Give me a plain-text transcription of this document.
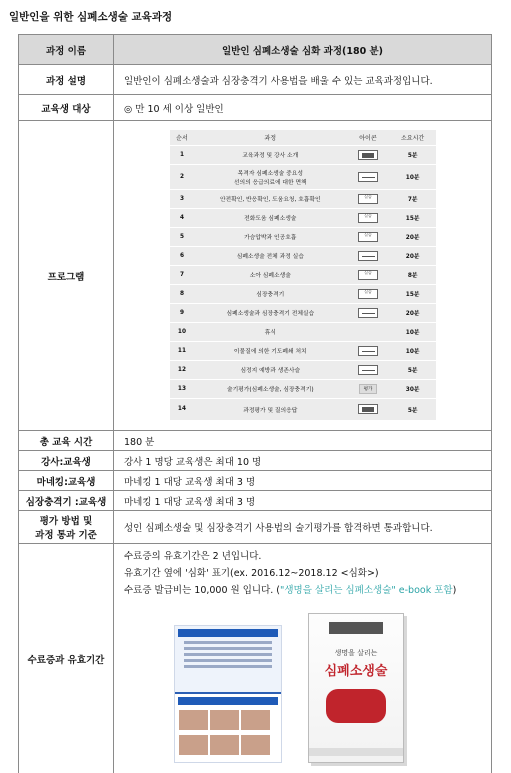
일반인을 위한 심폐소생술 교육과정
과정 이름	일반인 심폐소생술 심화 과정(180 분)
과정 설명	일반인이 심폐소생술과 심장충격기 사용법을 배울 수 있는 교육과정입니다.
교육생 대상	◎ 만 10 세 이상 일반인
프로그램	
순서	과정	아이콘	소요시간
1	교육과정 및 강사 소개		5분
2	목격자 심폐소생술 중요성
선의의 응급의료에 대한 면책		10분
3	안전확인, 반응확인, 도움요청, 호흡확인	실습	7분
4	전화도움 심폐소생술	실습	15분
5	가슴압박과 인공호흡	실습	20분
6	심폐소생술 전체 과정 실습		20분
7	소아 심폐소생술	실습	8분
8	심장충격기	실습	15분
9	심폐소생술과 심장충격기 전체실습		20분
10	휴식		10분
11	이물질에 의한 기도폐쇄 처치		10분
12	심정지 예방과 생존사슬		5분
13	술기평가(심폐소생술, 심장충격기)	평가	30분
14	과정평가 및 질의응답		5분

총 교육 시간	180 분
강사:교육생	강사 1 명당 교육생은 최대 10 명
마네킹:교육생	마네킹 1 대당 교육생 최대 3 명
심장충격기 :교육생	마네킹 1 대당 교육생 최대 3 명
평가 방법 및
과정 통과 기준	성인 심폐소생술 및 심장충격기 사용법의 술기평가를 합격하면 통과합니다.
수료증과 유효기간	
수료증의 유효기간은 2 년입니다.
유효기간 옆에 '심화' 표기(ex. 2016.12~2018.12 <심화>)
수료증 발급비는 10,000 원 입니다. ("생명을 살리는 심폐소생술" e-book 포함)

생명을 살리는
심폐소생술
